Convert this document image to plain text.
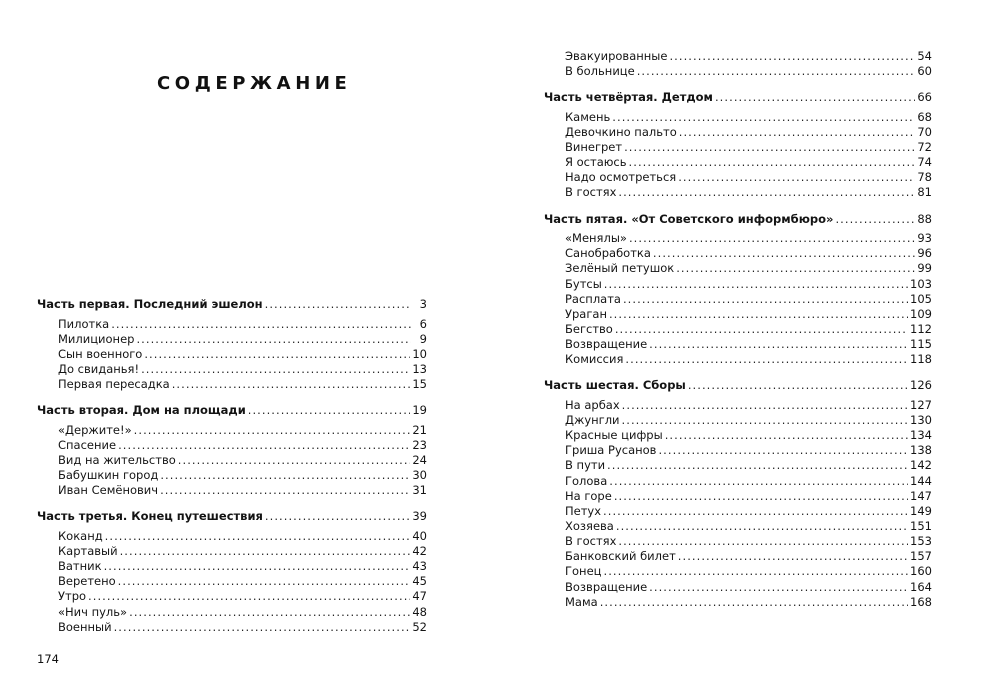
СОДЕРЖАНИЕ
Часть первая. Последний эшелон . . .	3
Пилотка . . .	6
Милиционер . . .	9
Сын военного . . .	10
До свиданья! . . .	13
Первая пересадка . . .	15
Часть вторая. Дом на площади . . .	19
«Держите!» . . .	21
Спасение . . .	23
Вид на жительство . . .	24
Бабушкин город . . .	30
Иван Семёнович . . .	31
Часть третья. Конец путешествия . . .	39
Коканд . . .	40
Картавый . . .	42
Ватник . . .	43
Веретено . . .	45
Утро . . .	47
«Нич пуль» . . .	48
Военный . . .	52
Эвакуированные . . .	54
В больнице . . .	60
Часть четвёртая. Детдом . . .	66
Камень . . .	68
Девочкино пальто . . .	70
Винегрет . . .	72
Я остаюсь . . .	74
Надо осмотреться . . .	78
В гостях . . .	81
Часть пятая. «От Советского информбюро» . . .	88
«Менялы» . . .	93
Санобработка . . .	96
Зелёный петушок . . .	99
Бутсы . . .	103
Расплата . . .	105
Ураган . . .	109
Бегство . . .	112
Возвращение . . .	115
Комиссия . . .	118
Часть шестая. Сборы . . .	126
На арбах . . .	127
Джунгли . . .	130
Красные цифры . . .	134
Гриша Русанов . . .	138
В пути . . .	142
Голова . . .	144
На горе . . .	147
Петух . . .	149
Хозяева . . .	151
В гостях . . .	153
Банковский билет . . .	157
Гонец . . .	160
Возвращение . . .	164
Мама . . .	168
174
